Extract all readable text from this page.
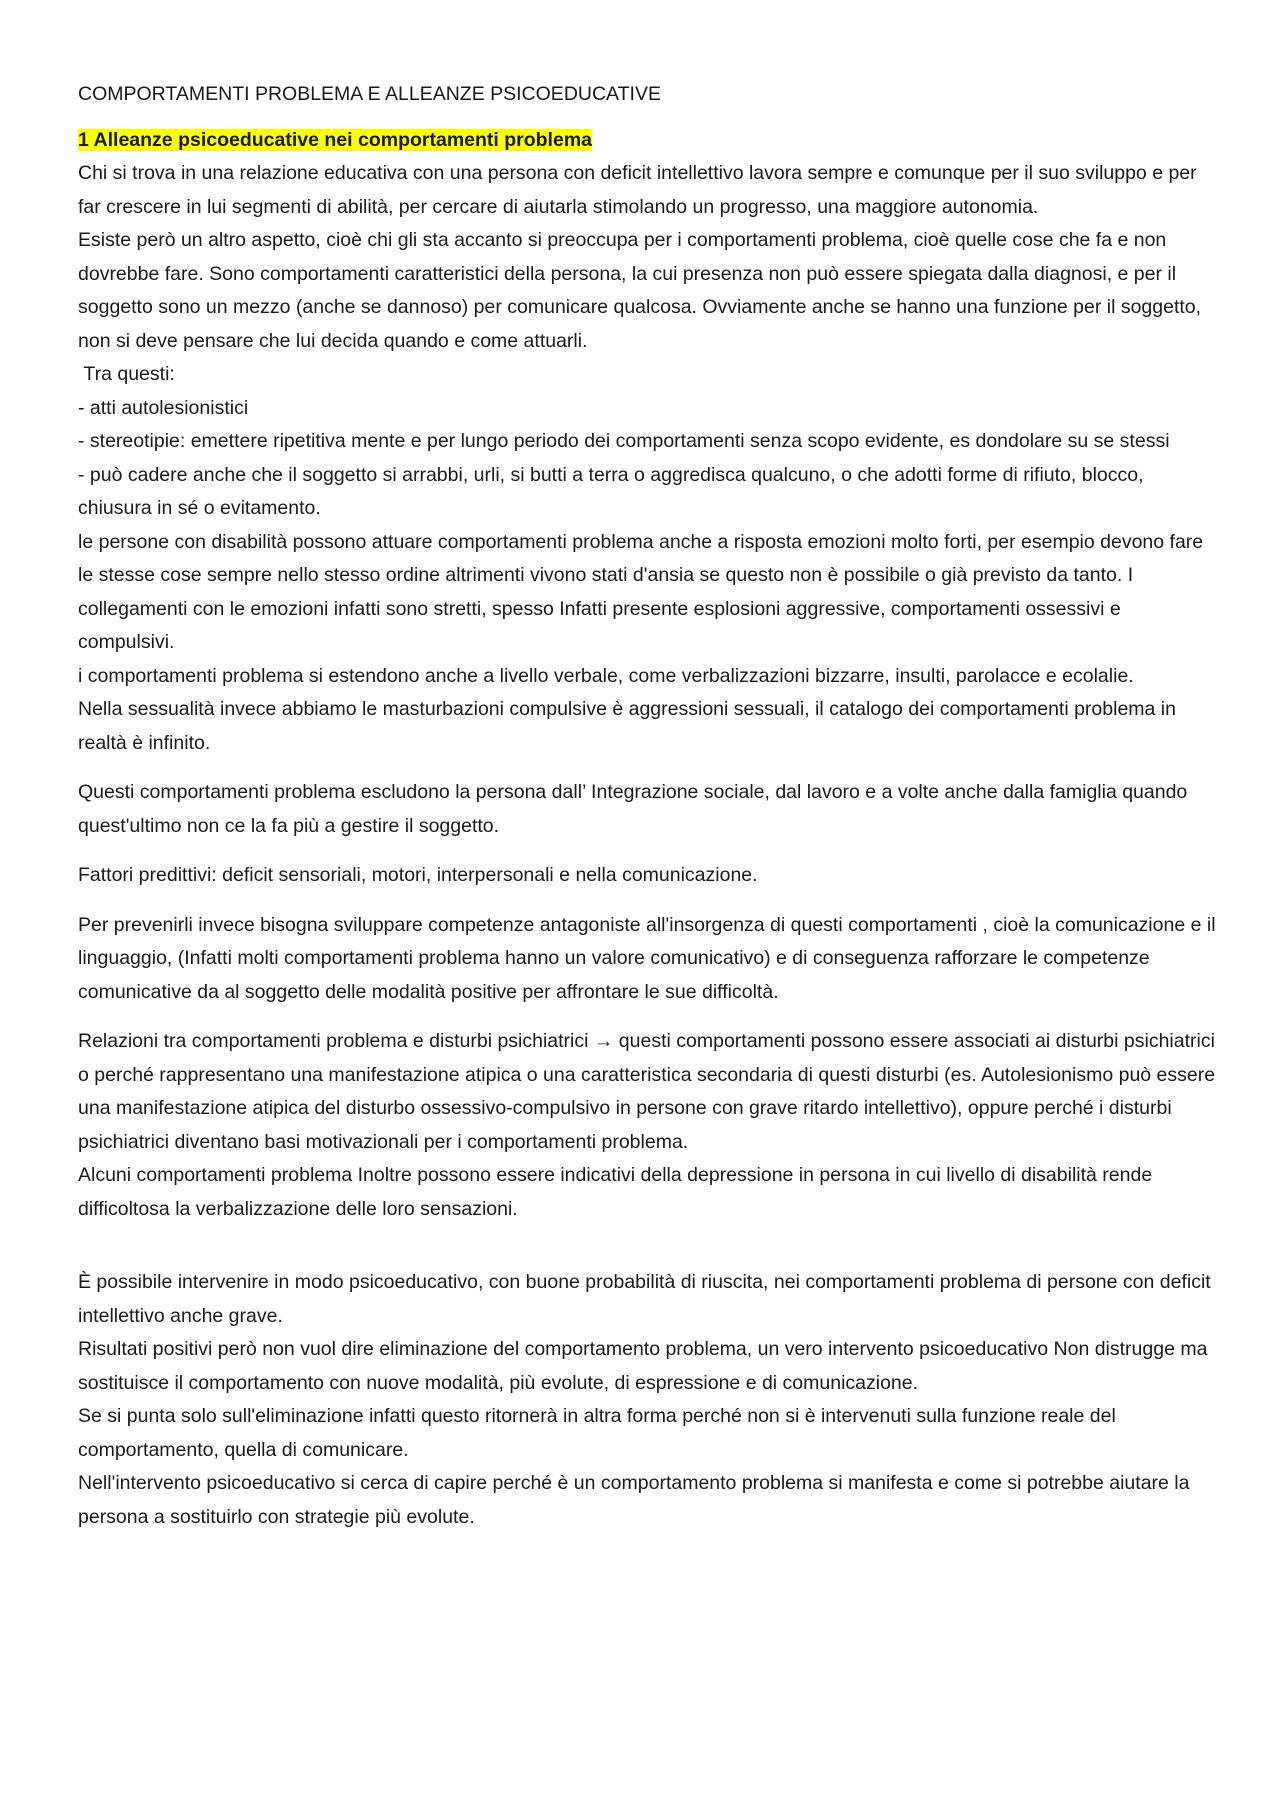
COMPORTAMENTI PROBLEMA E ALLEANZE PSICOEDUCATIVE
1 Alleanze psicoeducative nei comportamenti problema

Chi si trova in una relazione educativa con una persona con deficit intellettivo lavora sempre e comunque per il suo sviluppo e per far crescere in lui segmenti di abilità, per cercare di aiutarla stimolando un progresso, una maggiore autonomia.

Esiste però un altro aspetto, cioè chi gli sta accanto si preoccupa per i comportamenti problema, cioè quelle cose che fa e non dovrebbe fare. Sono comportamenti caratteristici della persona, la cui presenza non può essere spiegata dalla diagnosi, e per il soggetto sono un mezzo (anche se dannoso) per comunicare qualcosa. Ovviamente anche se hanno una funzione per il soggetto, non si deve pensare che lui decida quando e come attuarli.

Tra questi:

- atti autolesionistici

- stereotipie: emettere ripetitiva mente e per lungo periodo dei comportamenti senza scopo evidente, es dondolare su se stessi

- può cadere anche che il soggetto si arrabbi, urli, si butti a terra o aggredisca qualcuno, o che adotti forme di rifiuto, blocco, chiusura in sé o evitamento.

le persone con disabilità possono attuare comportamenti problema anche a risposta emozioni molto forti, per esempio devono fare le stesse cose sempre nello stesso ordine altrimenti vivono stati d'ansia se questo non è possibile o già previsto da tanto. I collegamenti con le emozioni infatti sono stretti, spesso Infatti presente esplosioni aggressive, comportamenti ossessivi e compulsivi.

i comportamenti problema si estendono anche a livello verbale, come verbalizzazioni bizzarre, insulti, parolacce e ecolalie.

Nella sessualità invece abbiamo le masturbazioni compulsive è aggressioni sessuali, il catalogo dei comportamenti problema in realtà è infinito.

Questi comportamenti problema escludono la persona dall’ Integrazione sociale, dal lavoro e a volte anche dalla famiglia quando quest'ultimo non ce la fa più a gestire il soggetto.

Fattori predittivi: deficit sensoriali, motori, interpersonali e nella comunicazione.

Per prevenirli invece bisogna sviluppare competenze antagoniste all'insorgenza di questi comportamenti , cioè la comunicazione e il linguaggio, (Infatti molti comportamenti problema hanno un valore comunicativo) e di conseguenza rafforzare le competenze comunicative da al soggetto delle modalità positive per affrontare le sue difficoltà.

Relazioni tra comportamenti problema e disturbi psichiatrici → questi comportamenti possono essere associati ai disturbi psichiatrici o perché rappresentano una manifestazione atipica o una caratteristica secondaria di questi disturbi (es. Autolesionismo può essere una manifestazione atipica del disturbo ossessivo-compulsivo in persone con grave ritardo intellettivo), oppure perché i disturbi psichiatrici diventano basi motivazionali per i comportamenti problema.

Alcuni comportamenti problema Inoltre possono essere indicativi della depressione in persona in cui livello di disabilità rende difficoltosa la verbalizzazione delle loro sensazioni.

È possibile intervenire in modo psicoeducativo, con buone probabilità di riuscita, nei comportamenti problema di persone con deficit intellettivo anche grave.

Risultati positivi però non vuol dire eliminazione del comportamento problema, un vero intervento psicoeducativo Non distrugge ma sostituisce il comportamento con nuove modalità, più evolute, di espressione e di comunicazione.

Se si punta solo sull'eliminazione infatti questo ritornerà in altra forma perché non si è intervenuti sulla funzione reale del comportamento, quella di comunicare.

Nell'intervento psicoeducativo si cerca di capire perché è un comportamento problema si manifesta e come si potrebbe aiutare la persona a sostituirlo con strategie più evolute.
